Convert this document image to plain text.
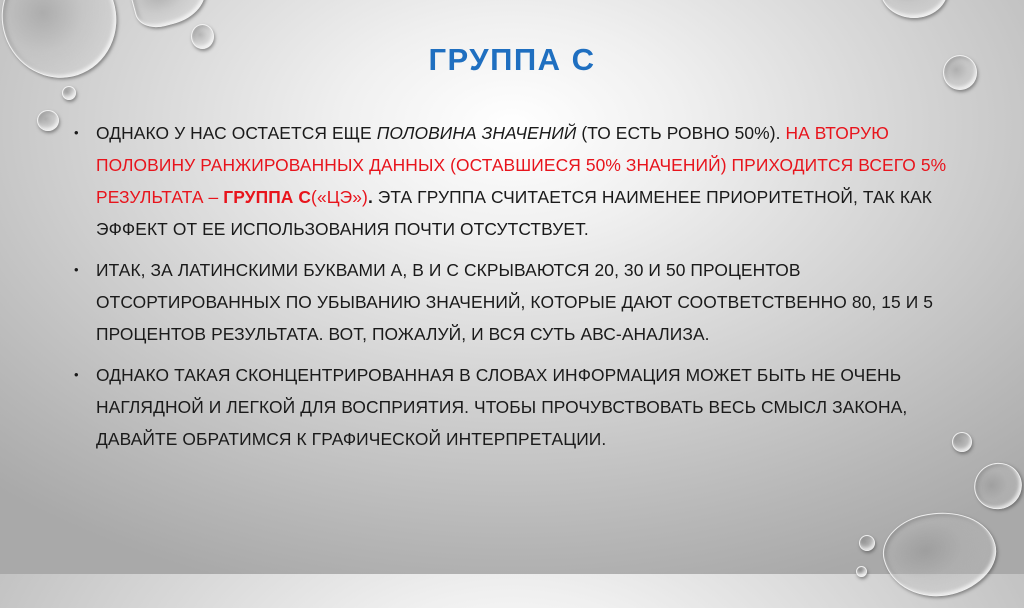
ГРУППА С
• ОДНАКО У НАС ОСТАЕТСЯ ЕЩЕ ПОЛОВИНА ЗНАЧЕНИЙ (ТО ЕСТЬ РОВНО 50%). НА ВТОРУЮ ПОЛОВИНУ РАНЖИРОВАННЫХ ДАННЫХ (ОСТАВШИЕСЯ 50% ЗНАЧЕНИЙ) ПРИХОДИТСЯ ВСЕГО 5% РЕЗУЛЬТАТА – ГРУППА С(«ЦЭ»). ЭТА ГРУППА СЧИТАЕТСЯ НАИМЕНЕЕ ПРИОРИТЕТНОЙ, ТАК КАК ЭФФЕКТ ОТ ЕЕ ИСПОЛЬЗОВАНИЯ ПОЧТИ ОТСУТСТВУЕТ.
• ИТАК, ЗА ЛАТИНСКИМИ БУКВАМИ А, В И С СКРЫВАЮТСЯ 20, 30 И 50 ПРОЦЕНТОВ ОТСОРТИРОВАННЫХ ПО УБЫВАНИЮ ЗНАЧЕНИЙ, КОТОРЫЕ ДАЮТ СООТВЕТСТВЕННО 80, 15 И 5 ПРОЦЕНТОВ РЕЗУЛЬТАТА. ВОТ, ПОЖАЛУЙ, И ВСЯ СУТЬ АВС-АНАЛИЗА.
• ОДНАКО ТАКАЯ СКОНЦЕНТРИРОВАННАЯ В СЛОВАХ ИНФОРМАЦИЯ МОЖЕТ БЫТЬ НЕ ОЧЕНЬ НАГЛЯДНОЙ И ЛЕГКОЙ ДЛЯ ВОСПРИЯТИЯ. ЧТОБЫ ПРОЧУВСТВОВАТЬ ВЕСЬ СМЫСЛ ЗАКОНА, ДАВАЙТЕ ОБРАТИМСЯ К ГРАФИЧЕСКОЙ ИНТЕРПРЕТАЦИИ.
